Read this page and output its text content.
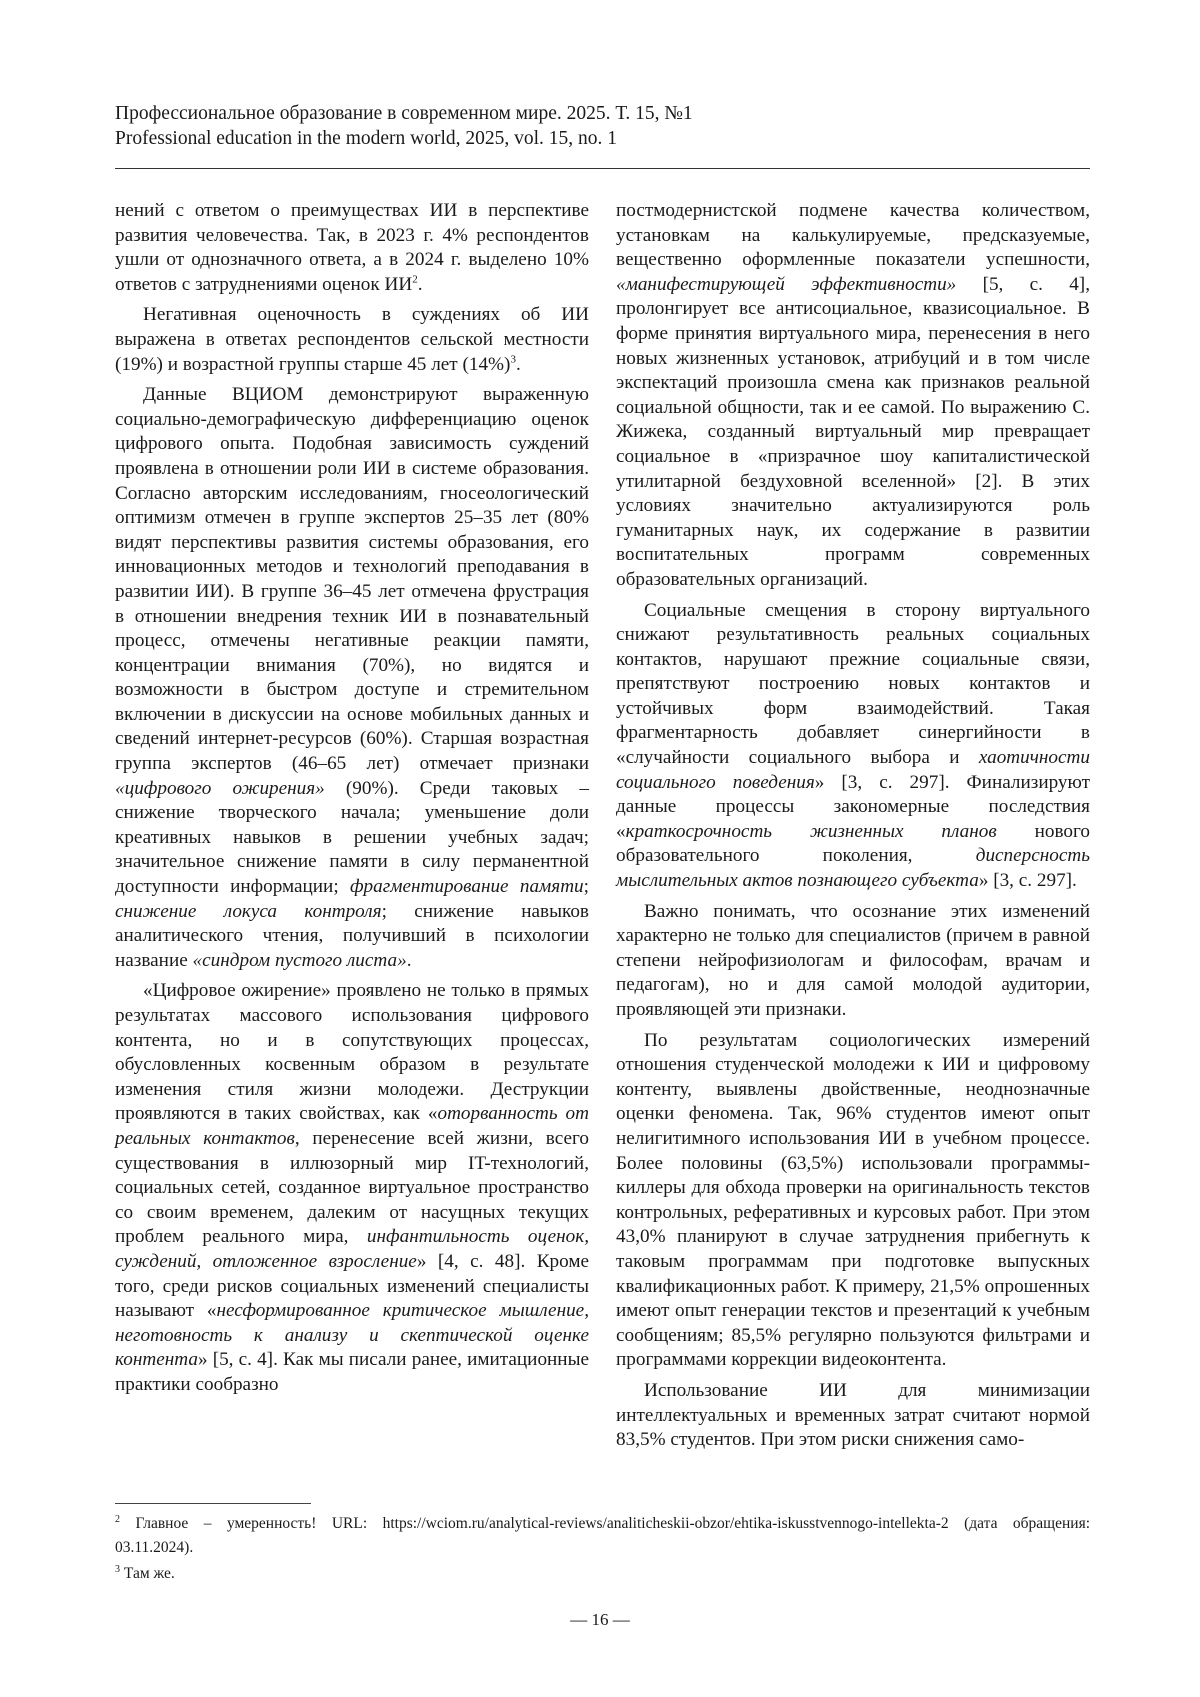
Профессиональное образование в современном мире. 2025. Т. 15, №1
Professional education in the modern world, 2025, vol. 15, no. 1

нений с ответом о преимуществах ИИ в перспективе развития человечества. Так, в 2023 г. 4% респондентов ушли от однозначного ответа, а в 2024 г. выделено 10% ответов с затруднениями оценок $ИИ^2$.

Негативная оценочность в суждениях об ИИ выражена в ответах респондентов сельской местности (19%) и возрастной группы старше 45 лет $(14\%)^3$.

Данные ВЦИОМ демонстрируют выраженную социально-демографическую дифференциацию оценок цифрового опыта. Подобная зависимость суждений проявлена в отношении роли ИИ в системе образования. Согласно авторским исследованиям, гносеологический оптимизм отмечен в группе экспертов 25–35 лет (80% видят перспективы развития системы образования, его инновационных методов и технологий преподавания в развитии ИИ). В группе 36–45 лет отмечена фрустрация в отношении внедрения техник ИИ в познавательный процесс, отмечены негативные реакции памяти, концентрации внимания (70%), но видятся и возможности в быстром доступе и стремительном включении в дискуссии на основе мобильных данных и сведений интернет-ресурсов (60%). Старшая возрастная группа экспертов (46–65 лет) отмечает признаки «цифрового ожирения» (90%). Среди таковых – снижение творческого начала; уменьшение доли креативных навыков в решении учебных задач; значительное снижение памяти в силу перманентной доступности информации; фрагментирование памяти; снижение локуса контроля; снижение навыков аналитического чтения, получивший в психологии название «синдром пустого листа».

«Цифровое ожирение» проявлено не только в прямых результатах массового использования цифрового контента, но и в сопутствующих процессах, обусловленных косвенным образом в результате изменения стиля жизни молодежи. Деструкции проявляются в таких свойствах, как «оторванность от реальных контактов, перенесение всей жизни, всего существования в иллюзорный мир IT-технологий, социальных сетей, созданное виртуальное пространство со своим временем, далеким от насущных текущих проблем реального мира, инфантильность оценок, суждений, отложенное взросление» [4, с. 48]. Кроме того, среди рисков социальных изменений специалисты называют «несформированное критическое мышление, неготовность к анализу и скептической оценке контента» [5, с. 4]. Как мы писали ранее, имитационные практики сообразно

постмодернистской подмене качества количеством, установкам на калькулируемые, предсказуемые, вещественно оформленные показатели успешности, «манифестирующей эффективности» [5, с. 4], пролонгирует все антисоциальное, квазисоциальное. В форме принятия виртуального мира, перенесения в него новых жизненных установок, атрибуций и в том числе экспектаций произошла смена как признаков реальной социальной общности, так и ее самой. По выражению С. Жижека, созданный виртуальный мир превращает социальное в «призрачное шоу капиталистической утилитарной бездуховной вселенной» [2]. В этих условиях значительно актуализируются роль гуманитарных наук, их содержание в развитии воспитательных программ современных образовательных организаций.

Социальные смещения в сторону виртуального снижают результативность реальных социальных контактов, нарушают прежние социальные связи, препятствуют построению новых контактов и устойчивых форм взаимодействий. Такая фрагментарность добавляет синергийности в «случайности социального выбора и хаотичности социального поведения» [3, с. 297]. Финализируют данные процессы закономерные последствия «краткосрочность жизненных планов нового образовательного поколения, дисперсность мыслительных актов познающего субъекта» [3, с. 297].

Важно понимать, что осознание этих изменений характерно не только для специалистов (причем в равной степени нейрофизиологам и философам, врачам и педагогам), но и для самой молодой аудитории, проявляющей эти признаки.

По результатам социологических измерений отношения студенческой молодежи к ИИ и цифровому контенту, выявлены двойственные, неоднозначные оценки феномена. Так, 96% студентов имеют опыт нелигитимного использования ИИ в учебном процессе. Более половины (63,5%) использовали программы-киллеры для обхода проверки на оригинальность текстов контрольных, реферативных и курсовых работ. При этом 43,0% планируют в случае затруднения прибегнуть к таковым программам при подготовке выпускных квалификационных работ. К примеру, 21,5% опрошенных имеют опыт генерации текстов и презентаций к учебным сообщениям; 85,5% регулярно пользуются фильтрами и программами коррекции видеоконтента.

Использование ИИ для минимизации интеллектуальных и временных затрат считают нормой 83,5% студентов. При этом риски снижения само-

$^2$ Главное – умеренность! URL: https://wciom.ru/analytical-reviews/analiticheskii-obzor/ehtika-iskusstvennogo-intellekta-2 (дата обращения: 03.11.2024).
$^3$ Там же.
— 16 —
